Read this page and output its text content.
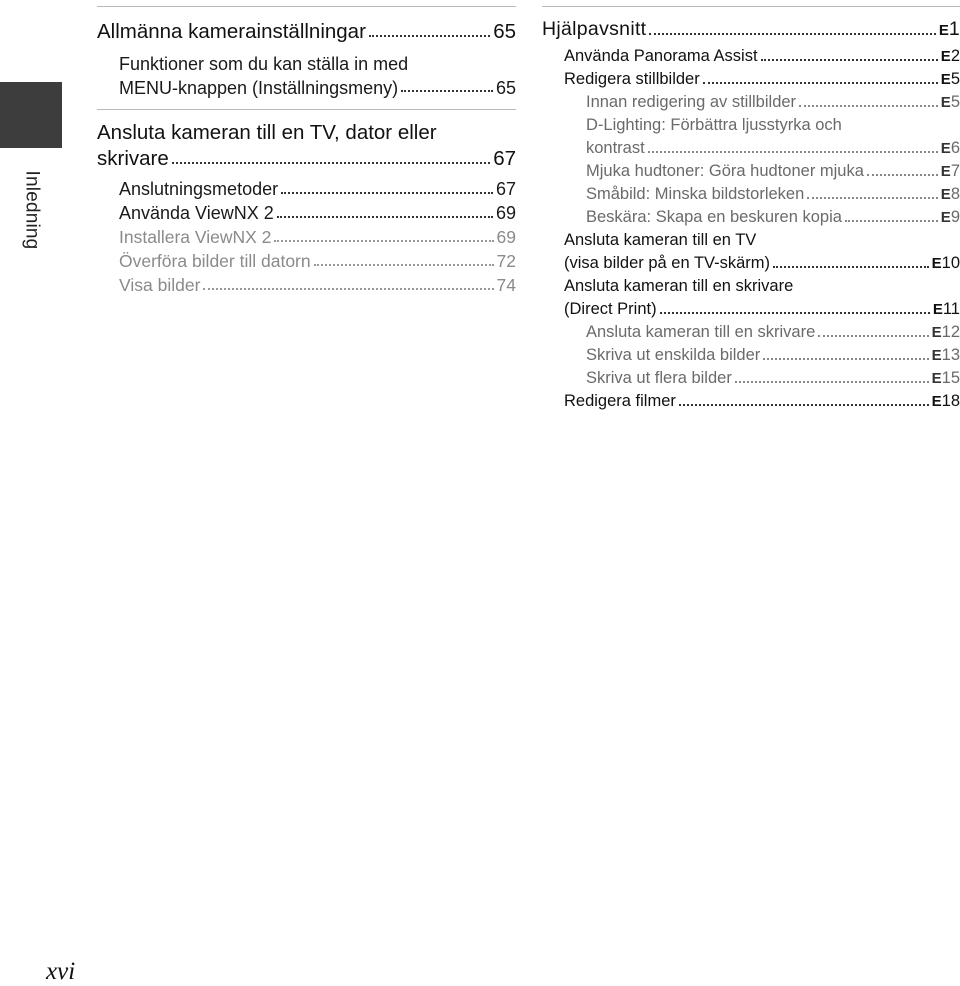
Inledning
Allmänna kamerainställningar	65
Funktioner som du kan ställa in med
MENU-knappen (Inställningsmeny)	65
Ansluta kameran till en TV, dator eller
skrivare	67
Anslutningsmetoder	67
Använda ViewNX 2	69
Installera ViewNX 2	69
Överföra bilder till datorn	72
Visa bilder	74
Hjälpavsnitt	E1
Använda Panorama Assist	E2
Redigera stillbilder	E5
Innan redigering av stillbilder	E5
D-Lighting: Förbättra ljusstyrka och
kontrast	E6
Mjuka hudtoner: Göra hudtoner mjuka	E7
Småbild: Minska bildstorleken	E8
Beskära: Skapa en beskuren kopia	E9
Ansluta kameran till en TV
(visa bilder på en TV-skärm)	E10
Ansluta kameran till en skrivare
(Direct Print)	E11
Ansluta kameran till en skrivare	E12
Skriva ut enskilda bilder	E13
Skriva ut flera bilder	E15
Redigera filmer	E18
xvi
